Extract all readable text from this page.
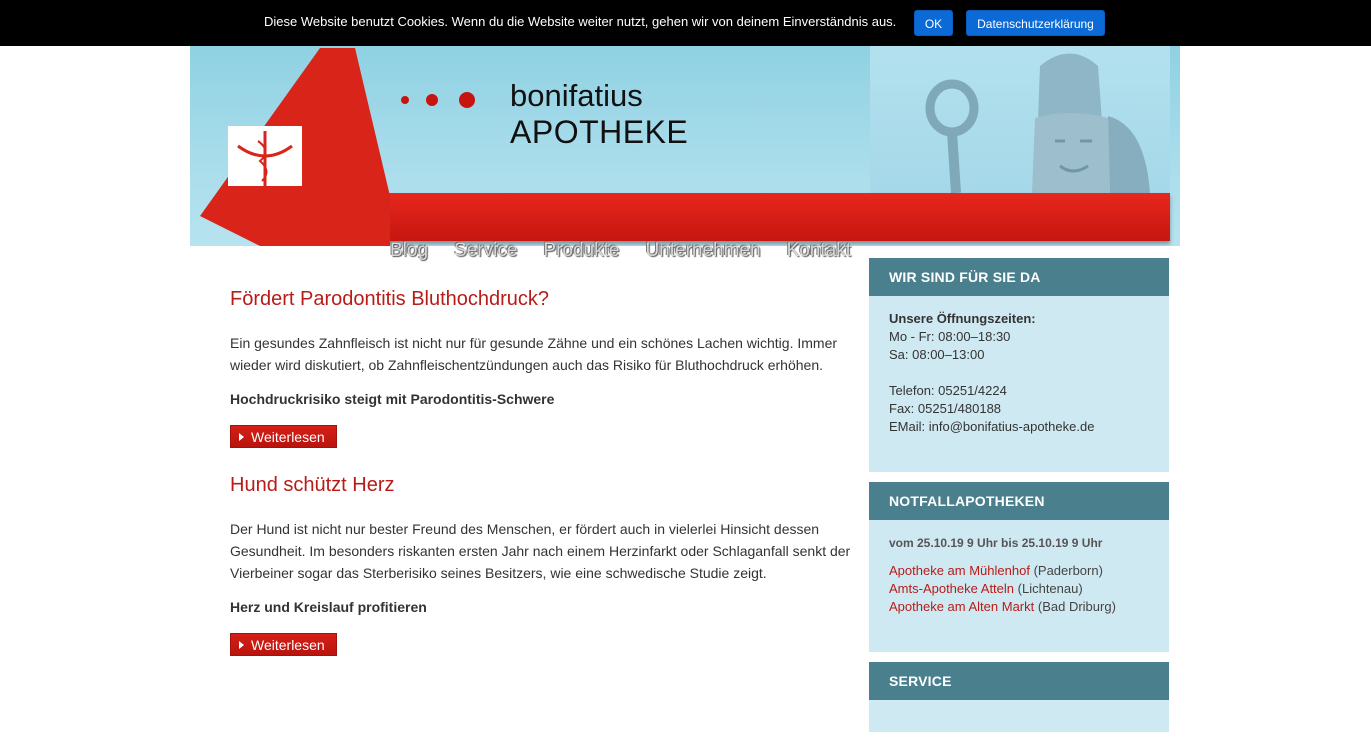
Diese Website benutzt Cookies. Wenn du die Website weiter nutzt, gehen wir von deinem Einverständnis aus.	OK	Datenschutzerklärung
bonifatius
APOTHEKE
Blog Service Produkte Unternehmen Kontakt
Fördert Parodontitis Bluthochdruck?

Ein gesundes Zahnfleisch ist nicht nur für gesunde Zähne und ein schönes Lachen wichtig. Immer wieder wird diskutiert, ob Zahnfleischentzündungen auch das Risiko für Bluthochdruck erhöhen.

Hochdruckrisiko steigt mit Parodontitis-Schwere

Weiterlesen
Hund schützt Herz

Der Hund ist nicht nur bester Freund des Menschen, er fördert auch in vielerlei Hinsicht dessen Gesundheit. Im besonders riskanten ersten Jahr nach einem Herzinfarkt oder Schlaganfall senkt der Vierbeiner sogar das Sterberisiko seines Besitzers, wie eine schwedische Studie zeigt.

Herz und Kreislauf profitieren

Weiterlesen
WIR SIND FÜR SIE DA
Unsere Öffnungszeiten:
Mo - Fr: 08:00–18:30
Sa: 08:00–13:00
Telefon: 05251/4224
Fax: 05251/480188
EMail: info@bonifatius-apotheke.de
NOTFALLAPOTHEKEN
vom 25.10.19 9 Uhr bis 25.10.19 9 Uhr
Apotheke am Mühlenhof (Paderborn)
Amts-Apotheke Atteln (Lichtenau)
Apotheke am Alten Markt (Bad Driburg)
SERVICE
